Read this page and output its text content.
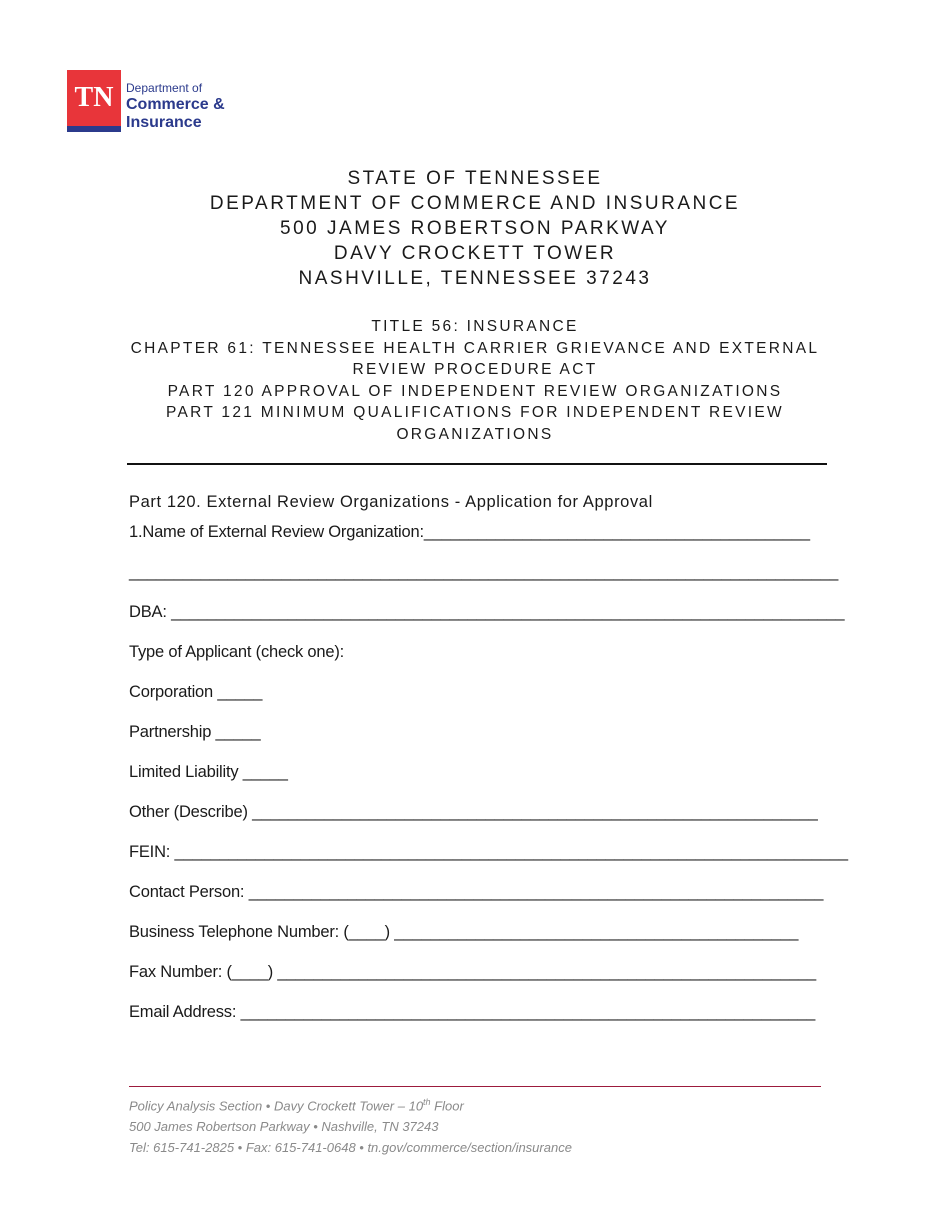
TN	Department of
Commerce &
Insurance
STATE OF TENNESSEE
DEPARTMENT OF COMMERCE AND INSURANCE
500 JAMES ROBERTSON PARKWAY
DAVY CROCKETT TOWER
NASHVILLE, TENNESSEE 37243
TITLE 56: INSURANCE
CHAPTER 61: TENNESSEE HEALTH CARRIER GRIEVANCE AND EXTERNAL
REVIEW PROCEDURE ACT
PART 120 APPROVAL OF INDEPENDENT REVIEW ORGANIZATIONS
PART 121 MINIMUM QUALIFICATIONS FOR INDEPENDENT REVIEW
ORGANIZATIONS
Part 120. External Review Organizations - Application for Approval
1.Name of External Review Organization:___________________________________________
_______________________________________________________________________________
DBA: ___________________________________________________________________________
Type of Applicant (check one):
Corporation _____
Partnership _____
Limited Liability _____
Other (Describe) _______________________________________________________________
FEIN: ___________________________________________________________________________
Contact Person: ________________________________________________________________
Business Telephone Number: (____) _____________________________________________
Fax Number: (____) ____________________________________________________________
Email Address: ________________________________________________________________
Policy Analysis Section • Davy Crockett Tower – 10th Floor
500 James Robertson Parkway • Nashville, TN 37243
Tel: 615-741-2825 • Fax: 615-741-0648 • tn.gov/commerce/section/insurance
